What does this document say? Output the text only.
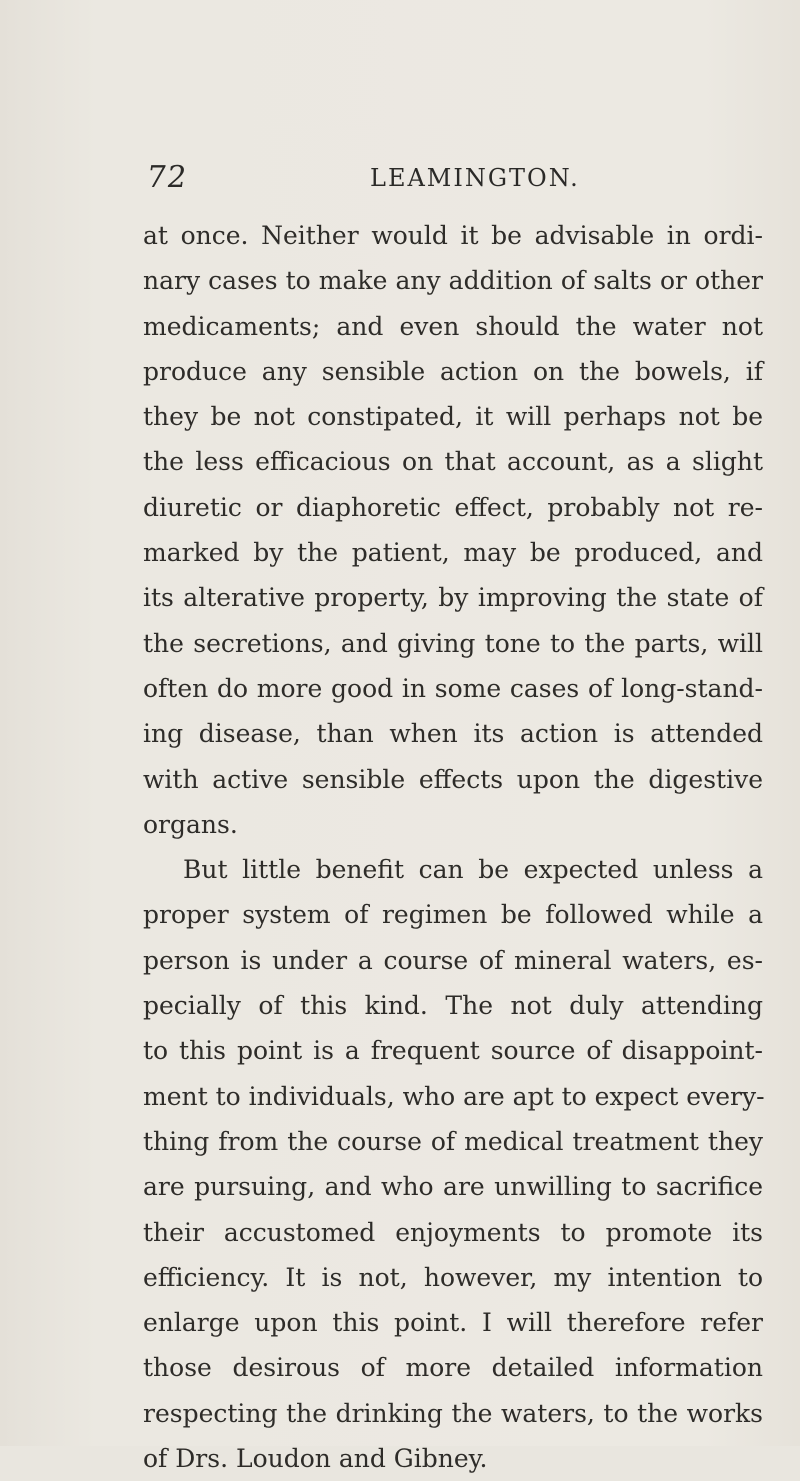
72	LEAMINGTON.
at once. Neither would it be advisable in ordi-
nary cases to make any addition of salts or other
medicaments; and even should the water not
produce any sensible action on the bowels, if
they be not constipated, it will perhaps not be
the less efficacious on that account, as a slight
diuretic or diaphoretic effect, probably not re-
marked by the patient, may be produced, and
its alterative property, by improving the state of
the secretions, and giving tone to the parts, will
often do more good in some cases of long-stand-
ing disease, than when its action is attended
with active sensible effects upon the digestive
organs.
But little benefit can be expected unless a
proper system of regimen be followed while a
person is under a course of mineral waters, es-
pecially of this kind. The not duly attending
to this point is a frequent source of disappoint-
ment to individuals, who are apt to expect every-
thing from the course of medical treatment they
are pursuing, and who are unwilling to sacrifice
their accustomed enjoyments to promote its
efficiency. It is not, however, my intention to
enlarge upon this point. I will therefore refer
those desirous of more detailed information
respecting the drinking the waters, to the works
of Drs. Loudon and Gibney.
